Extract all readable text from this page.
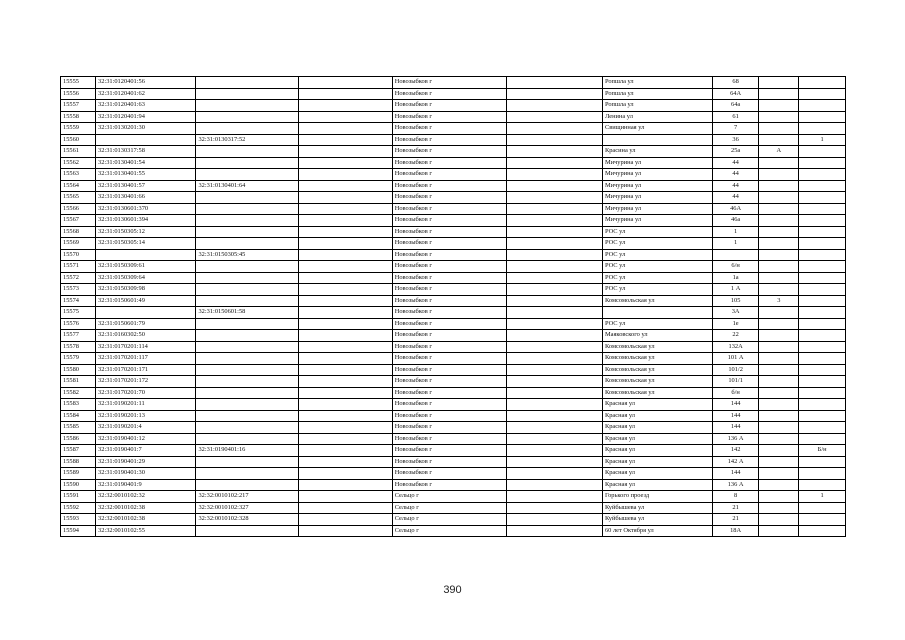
15555	32:31:0120401:56			Новозыбков г		Ропшла ул	68		
15556	32:31:0120401:62			Новозыбков г		Ропшла ул	64А		
15557	32:31:0120401:63			Новозыбков г		Ропшла ул	64а		
15558	32:31:0120401:94			Новозыбков г		Ленина ул	61		
15559	32:31:0130201:30			Новозыбков г		Свищинная ул	7		
15560		32:31:0130317:52		Новозыбков г			36		1
15561	32:31:0130317:58			Новозыбков г		Красина ул	25а	А	
15562	32:31:0130401:54			Новозыбков г		Мичурина ул	44		
15563	32:31:0130401:55			Новозыбков г		Мичурина ул	44		
15564	32:31:0130401:57	32:31:0130401:64		Новозыбков г		Мичурина ул	44		
15565	32:31:0130401:66			Новозыбков г		Мичурина ул	44		
15566	32:31:0130601:370			Новозыбков г		Мичурина ул	46А		
15567	32:31:0130601:394			Новозыбков г		Мичурина ул	46а		
15568	32:31:0150305:12			Новозыбков г		РОС ул	1		
15569	32:31:0150305:14			Новозыбков г		РОС ул	1		
15570		32:31:0150305:45		Новозыбков г		РОС ул			
15571	32:31:0150309:61			Новозыбков г		РОС ул	6/н		
15572	32:31:0150309:64			Новозыбков г		РОС ул	1а		
15573	32:31:0150309:98			Новозыбков г		РОС ул	1 А		
15574	32:31:0150601:49			Новозыбков г		Комсомольская ул	105	3	
15575		32:31:0150601:58		Новозыбков г			3А		
15576	32:31:0150601:79			Новозыбков г		РОС ул	1е		
15577	32:31:0160302:50			Новозыбков г		Маяковского ул	22		
15578	32:31:0170201:114			Новозыбков г		Комсомольская ул	132А		
15579	32:31:0170201:117			Новозыбков г		Комсомольская ул	101 А		
15580	32:31:0170201:171			Новозыбков г		Комсомольская ул	101/2		
15581	32:31:0170201:172			Новозыбков г		Комсомольская ул	101/1		
15582	32:31:0170201:70			Новозыбков г		Комсомольская ул	б/н		
15583	32:31:0190201:11			Новозыбков г		Красная ул	144		
15584	32:31:0190201:13			Новозыбков г		Красная ул	144		
15585	32:31:0190201:4			Новозыбков г		Красная ул	144		
15586	32:31:0190401:12			Новозыбков г		Красная ул	136 А		
15587	32:31:0190401:7	32:31:0190401:16		Новозыбков г		Красная ул	142		Б/н
15588	32:31:0190401:29			Новозыбков г		Красная ул	142 А		
15589	32:31:0190401:30			Новозыбков г		Красная ул	144		
15590	32:31:0190401:9			Новозыбков г		Красная ул	136 А		
15591	32:32:0010102:32	32:32:0010102:217		Сельцо г		Горького проезд	8		1
15592	32:32:0010102:38	32:32:0010102:327		Сельцо г		Куйбышева ул	21		
15593	32:32:0010102:38	32:32:0010102:328		Сельцо г		Куйбышева ул	21		
15594	32:32:0010102:55			Сельцо г		60 лет Октября ул	18А		
390
